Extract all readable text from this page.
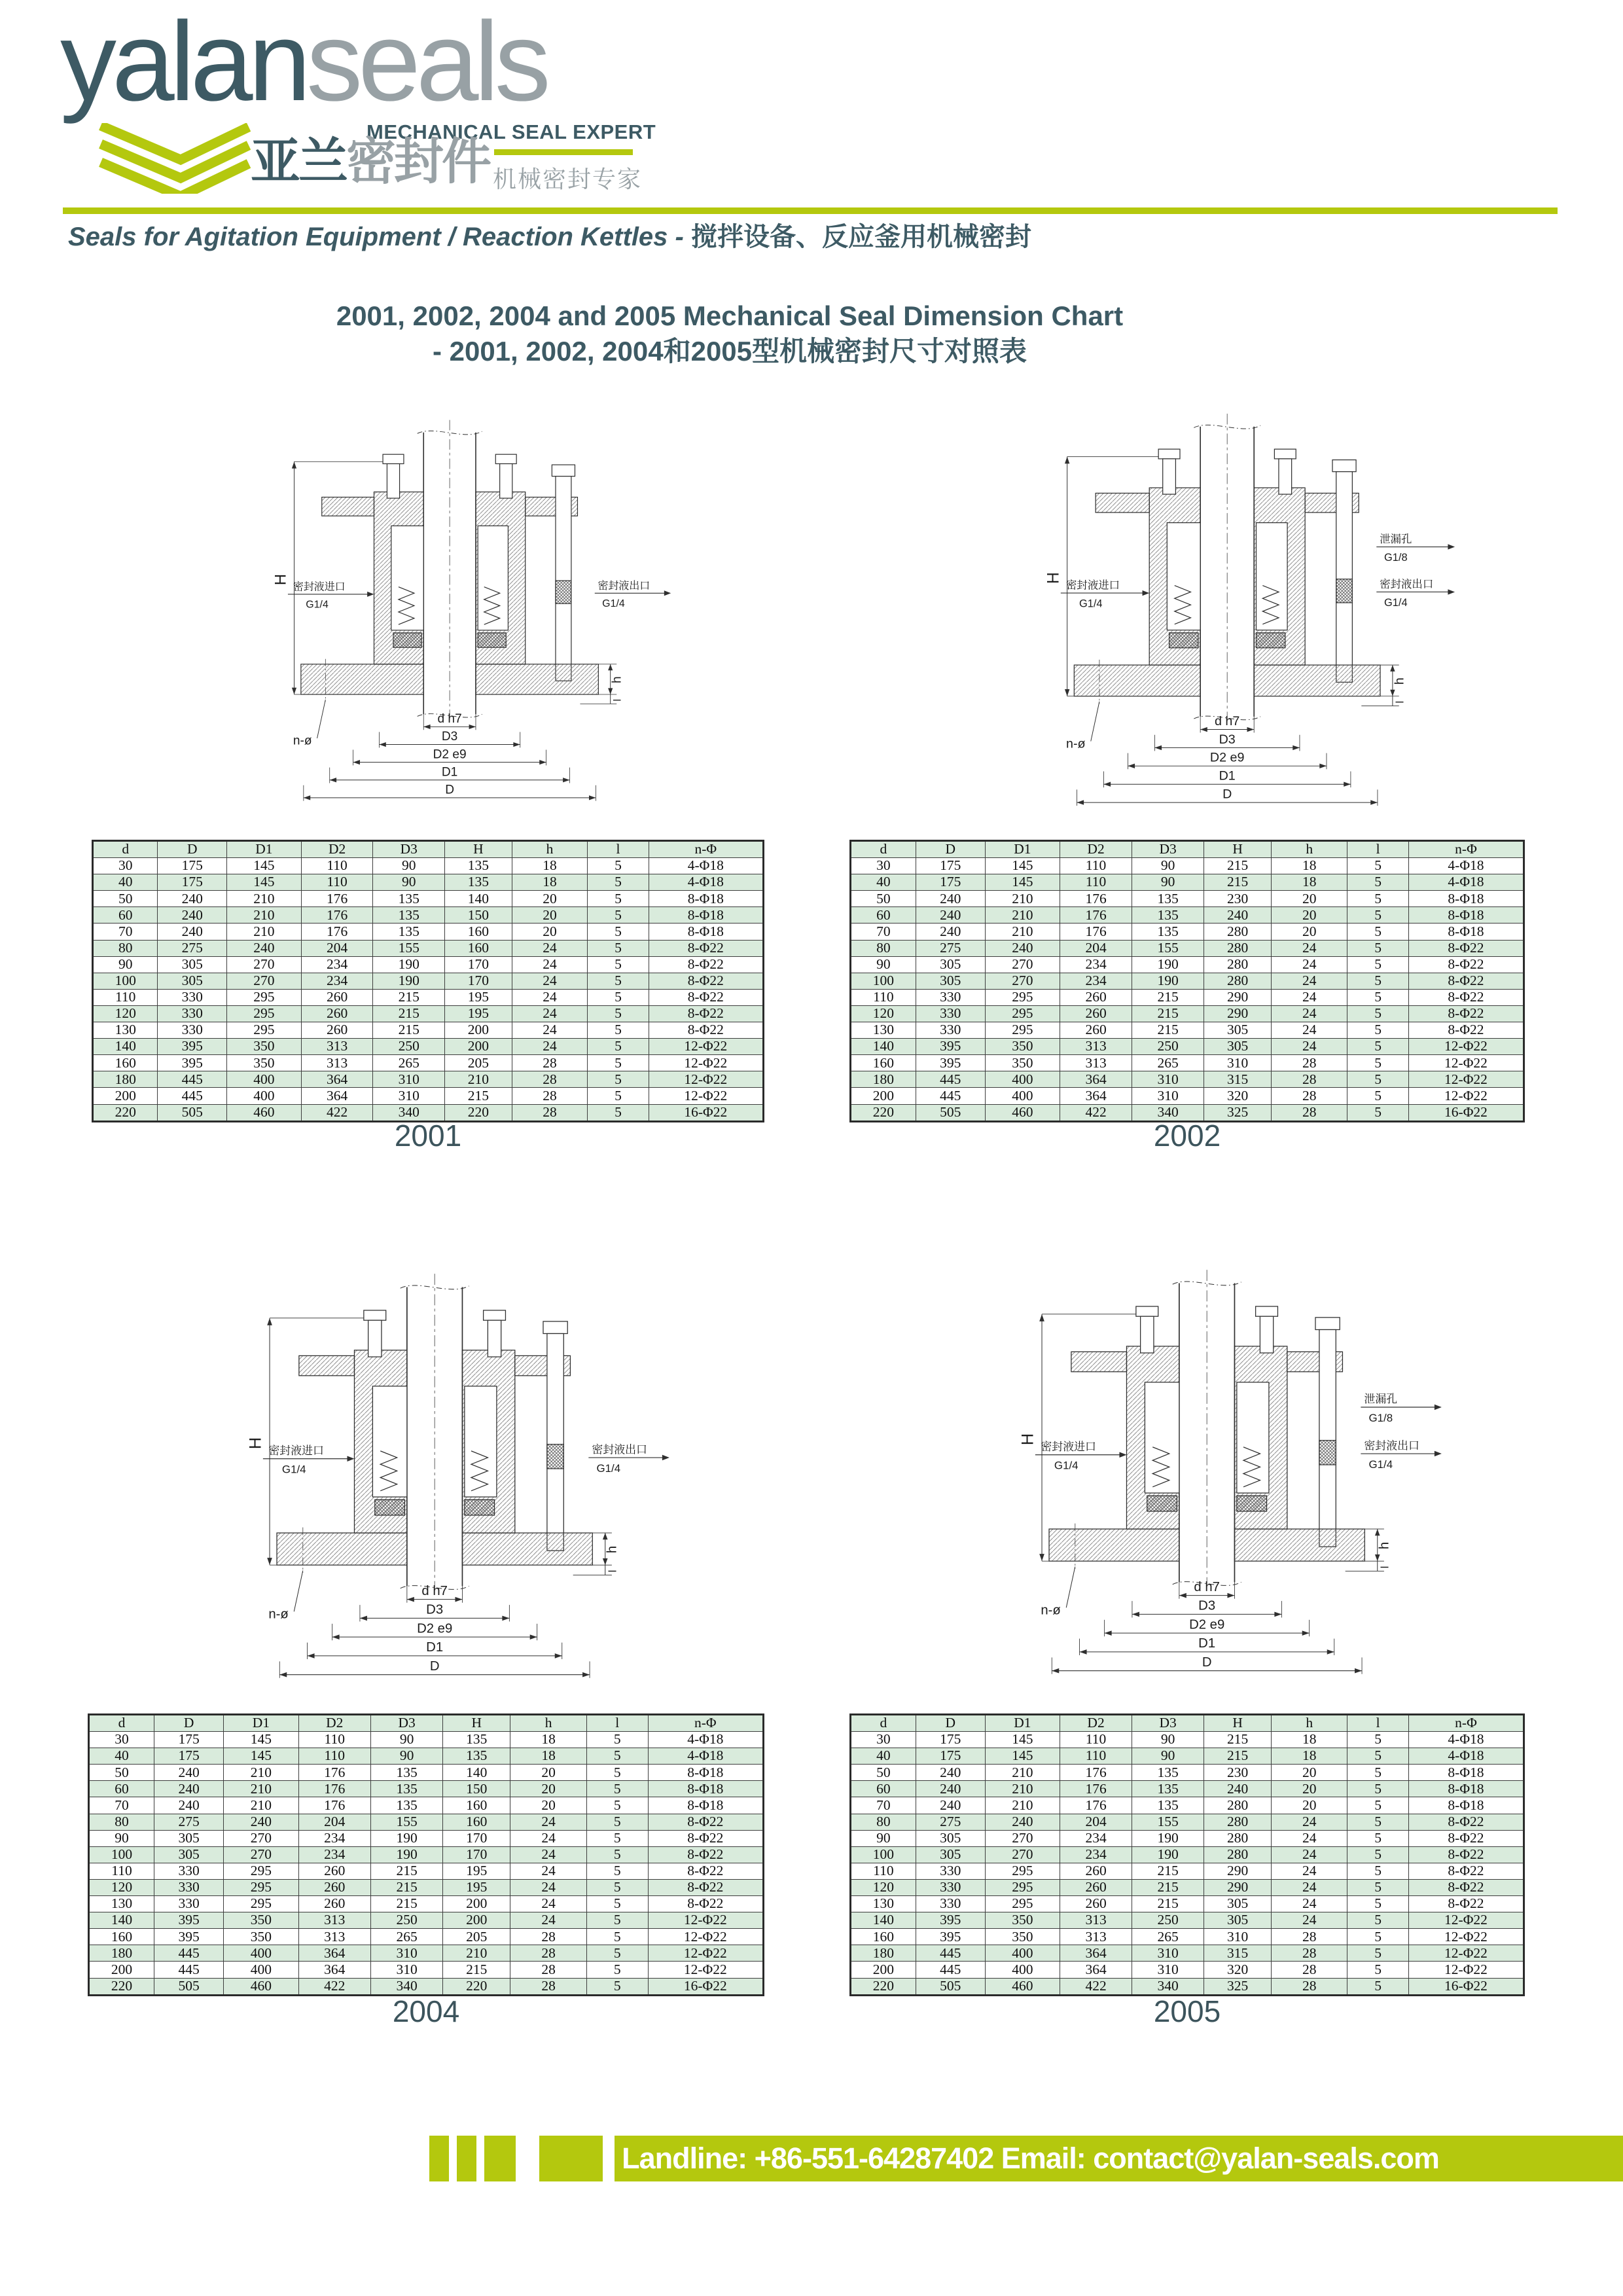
yalanseals
MECHANICAL SEAL EXPERT
亚兰密封件 机械密封专家
Seals for Agitation Equipment / Reaction Kettles - 搅拌设备、反应釜用机械密封
2001, 2002, 2004 and 2005 Mechanical Seal Dimension Chart
- 2001, 2002, 2004和2005型机械密封尺寸对照表
H
h
l
密封液进口
G1/4
密封液出口
G1/4
n-ø
d h7
D3
D2 e9
D1
D
H
h
l
密封液进口
G1/4
泄漏孔
G1/8
密封液出口
G1/4
n-ø
d h7
D3
D2 e9
D1
D
H
h
l
密封液进口
G1/4
密封液出口
G1/4
n-ø
d h7
D3
D2 e9
D1
D
H
h
l
密封液进口
G1/4
泄漏孔
G1/8
密封液出口
G1/4
n-ø
d h7
D3
D2 e9
D1
D
d	D	D1	D2	D3	H	h	l	n-Φ
30	175	145	110	90	135	18	5	4-Φ18
40	175	145	110	90	135	18	5	4-Φ18
50	240	210	176	135	140	20	5	8-Φ18
60	240	210	176	135	150	20	5	8-Φ18
70	240	210	176	135	160	20	5	8-Φ18
80	275	240	204	155	160	24	5	8-Φ22
90	305	270	234	190	170	24	5	8-Φ22
100	305	270	234	190	170	24	5	8-Φ22
110	330	295	260	215	195	24	5	8-Φ22
120	330	295	260	215	195	24	5	8-Φ22
130	330	295	260	215	200	24	5	8-Φ22
140	395	350	313	250	200	24	5	12-Φ22
160	395	350	313	265	205	28	5	12-Φ22
180	445	400	364	310	210	28	5	12-Φ22
200	445	400	364	310	215	28	5	12-Φ22
220	505	460	422	340	220	28	5	16-Φ22
d	D	D1	D2	D3	H	h	l	n-Φ
30	175	145	110	90	215	18	5	4-Φ18
40	175	145	110	90	215	18	5	4-Φ18
50	240	210	176	135	230	20	5	8-Φ18
60	240	210	176	135	240	20	5	8-Φ18
70	240	210	176	135	280	20	5	8-Φ18
80	275	240	204	155	280	24	5	8-Φ22
90	305	270	234	190	280	24	5	8-Φ22
100	305	270	234	190	280	24	5	8-Φ22
110	330	295	260	215	290	24	5	8-Φ22
120	330	295	260	215	290	24	5	8-Φ22
130	330	295	260	215	305	24	5	8-Φ22
140	395	350	313	250	305	24	5	12-Φ22
160	395	350	313	265	310	28	5	12-Φ22
180	445	400	364	310	315	28	5	12-Φ22
200	445	400	364	310	320	28	5	12-Φ22
220	505	460	422	340	325	28	5	16-Φ22
d	D	D1	D2	D3	H	h	l	n-Φ
30	175	145	110	90	135	18	5	4-Φ18
40	175	145	110	90	135	18	5	4-Φ18
50	240	210	176	135	140	20	5	8-Φ18
60	240	210	176	135	150	20	5	8-Φ18
70	240	210	176	135	160	20	5	8-Φ18
80	275	240	204	155	160	24	5	8-Φ22
90	305	270	234	190	170	24	5	8-Φ22
100	305	270	234	190	170	24	5	8-Φ22
110	330	295	260	215	195	24	5	8-Φ22
120	330	295	260	215	195	24	5	8-Φ22
130	330	295	260	215	200	24	5	8-Φ22
140	395	350	313	250	200	24	5	12-Φ22
160	395	350	313	265	205	28	5	12-Φ22
180	445	400	364	310	210	28	5	12-Φ22
200	445	400	364	310	215	28	5	12-Φ22
220	505	460	422	340	220	28	5	16-Φ22
d	D	D1	D2	D3	H	h	l	n-Φ
30	175	145	110	90	215	18	5	4-Φ18
40	175	145	110	90	215	18	5	4-Φ18
50	240	210	176	135	230	20	5	8-Φ18
60	240	210	176	135	240	20	5	8-Φ18
70	240	210	176	135	280	20	5	8-Φ18
80	275	240	204	155	280	24	5	8-Φ22
90	305	270	234	190	280	24	5	8-Φ22
100	305	270	234	190	280	24	5	8-Φ22
110	330	295	260	215	290	24	5	8-Φ22
120	330	295	260	215	290	24	5	8-Φ22
130	330	295	260	215	305	24	5	8-Φ22
140	395	350	313	250	305	24	5	12-Φ22
160	395	350	313	265	310	28	5	12-Φ22
180	445	400	364	310	315	28	5	12-Φ22
200	445	400	364	310	320	28	5	12-Φ22
220	505	460	422	340	325	28	5	16-Φ22
2001	2002
2004	2005
Landline: +86-551-64287402 Email: contact@yalan-seals.com
